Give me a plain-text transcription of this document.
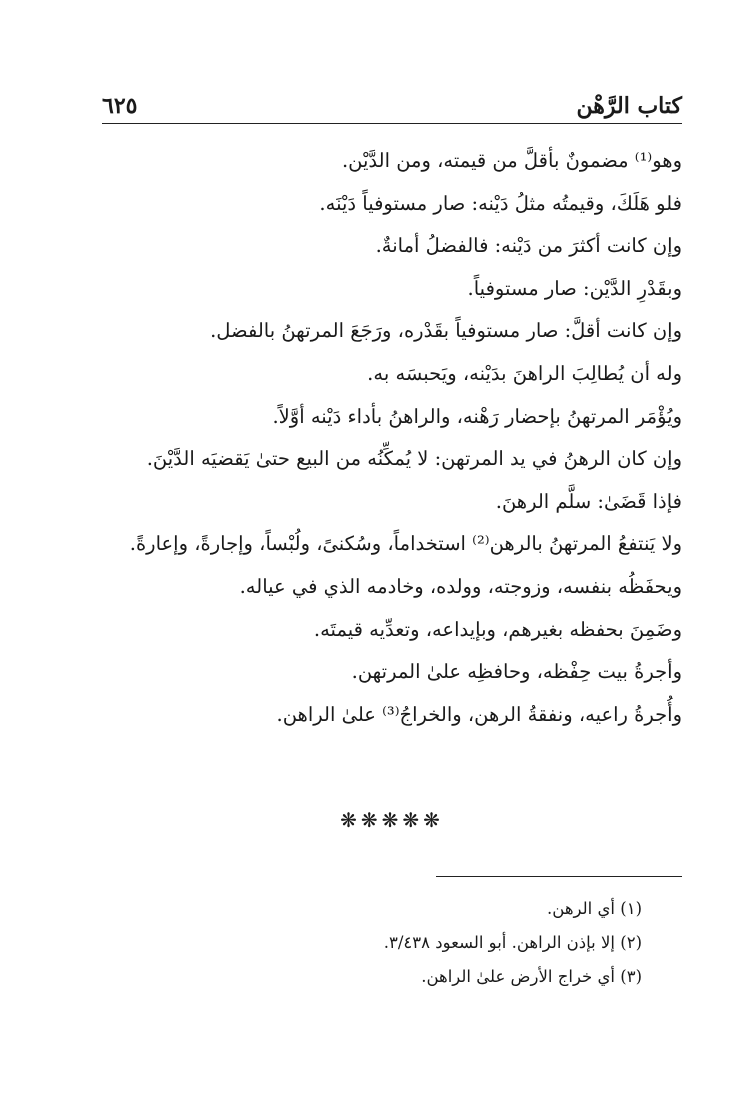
كتاب الرَّهْن
٦٢٥
وهو⁽¹⁾ مضمونٌ بأقلَّ من قيمته، ومن الدَّيْن.
فلو هَلَكَ، وقيمتُه مثلُ دَيْنه: صار مستوفياً دَيْنَه.
وإن كانت أكثرَ من دَيْنه: فالفضلُ أمانةٌ.
وبقَدْرِ الدَّيْن: صار مستوفياً.
وإن كانت أقلَّ: صار مستوفياً بقَدْره، ورَجَعَ المرتهنُ بالفضل.
وله أن يُطالِبَ الراهنَ بدَيْنه، ويَحبسَه به.
ويُؤْمَر المرتهنُ بإحضار رَهْنه، والراهنُ بأداء دَيْنه أوَّلاً.
وإن كان الرهنُ في يد المرتهن: لا يُمكِّنُه من البيع حتىٰ يَقضيَه الدَّيْنَ.
فإذا قَضَىٰ: سلَّم الرهنَ.
ولا يَنتفعُ المرتهنُ بالرهن⁽²⁾ استخداماً، وسُكنىً، ولُبْساً، وإجارةً، وإعارةً.
ويحفَظُه بنفسه، وزوجته، وولده، وخادمه الذي في عياله.
وضَمِنَ بحفظه بغيرهم، وبإيداعه، وتعدِّيه قيمتَه.
وأجرةُ بيت حِفْظه، وحافظِه علىٰ المرتهن.
وأُجرةُ راعيه، ونفقةُ الرهن، والخراجُ⁽³⁾ علىٰ الراهن.
❋❋❋❋❋
(١) أي الرهن.
(٢) إلا بإذن الراهن. أبو السعود ٣/٤٣٨.
(٣) أي خراج الأرض علىٰ الراهن.
